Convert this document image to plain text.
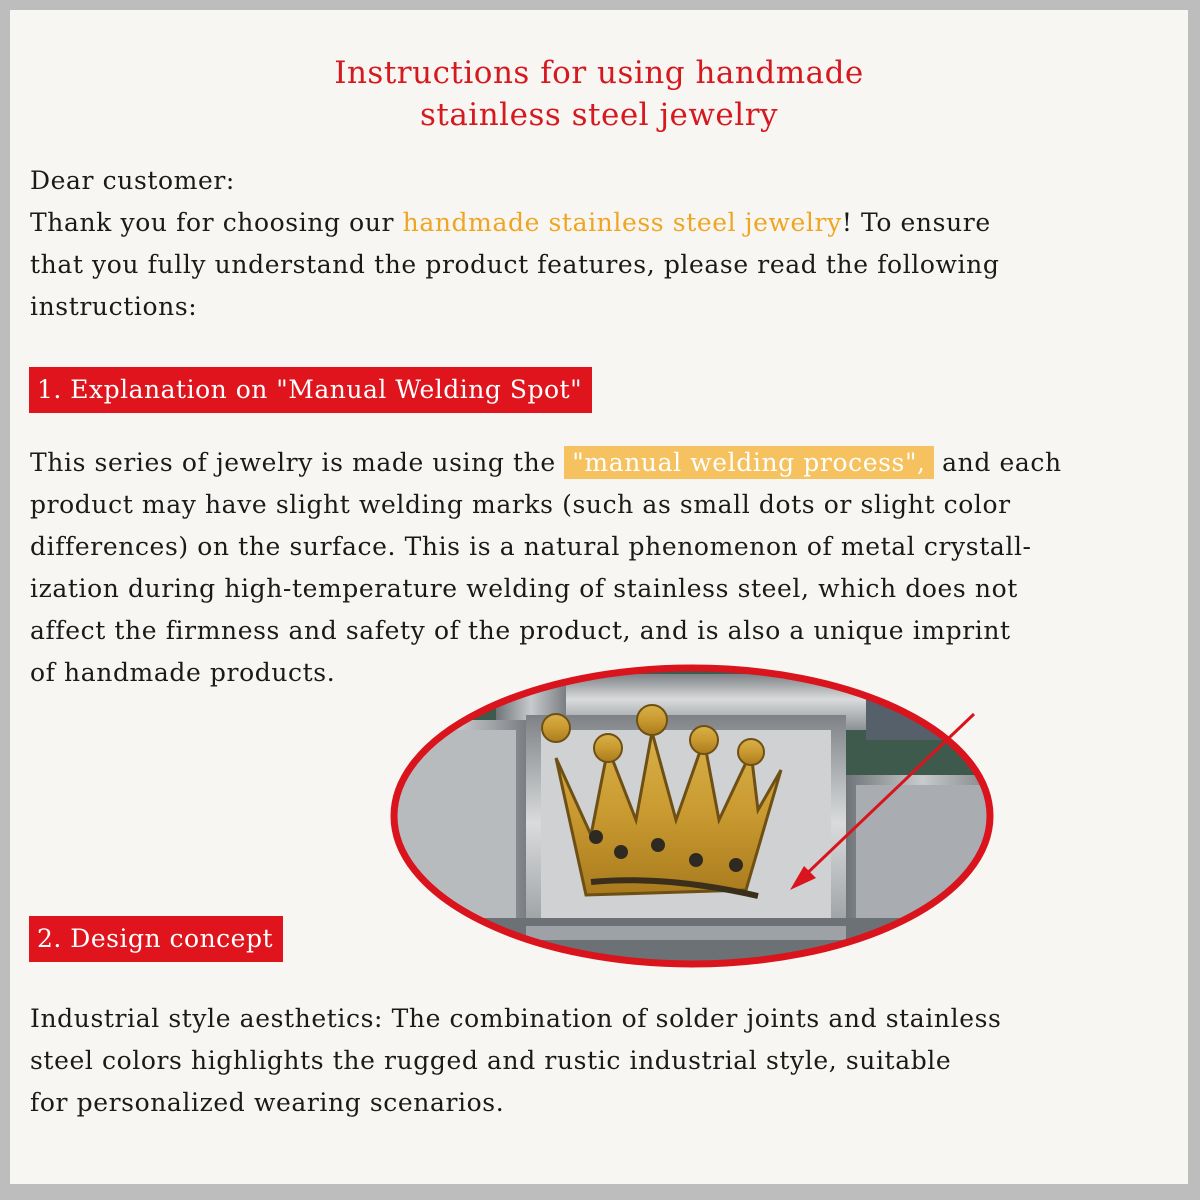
Instructions for using handmade
stainless steel jewelry
Dear customer:
Thank you for choosing our handmade stainless steel jewelry! To ensure
that you fully understand the product features, please read the following
instructions:
1. Explanation on "Manual Welding Spot"
This series of jewelry is made using the "manual welding process", and each
product may have slight welding marks (such as small dots or slight color
differences) on the surface. This is a natural phenomenon of metal crystall-
ization during high-temperature welding of stainless steel, which does not
affect the firmness and safety of the product, and is also a unique imprint
of handmade products.
2. Design concept
Industrial style aesthetics: The combination of solder joints and stainless
steel colors highlights the rugged and rustic industrial style, suitable
for personalized wearing scenarios.
